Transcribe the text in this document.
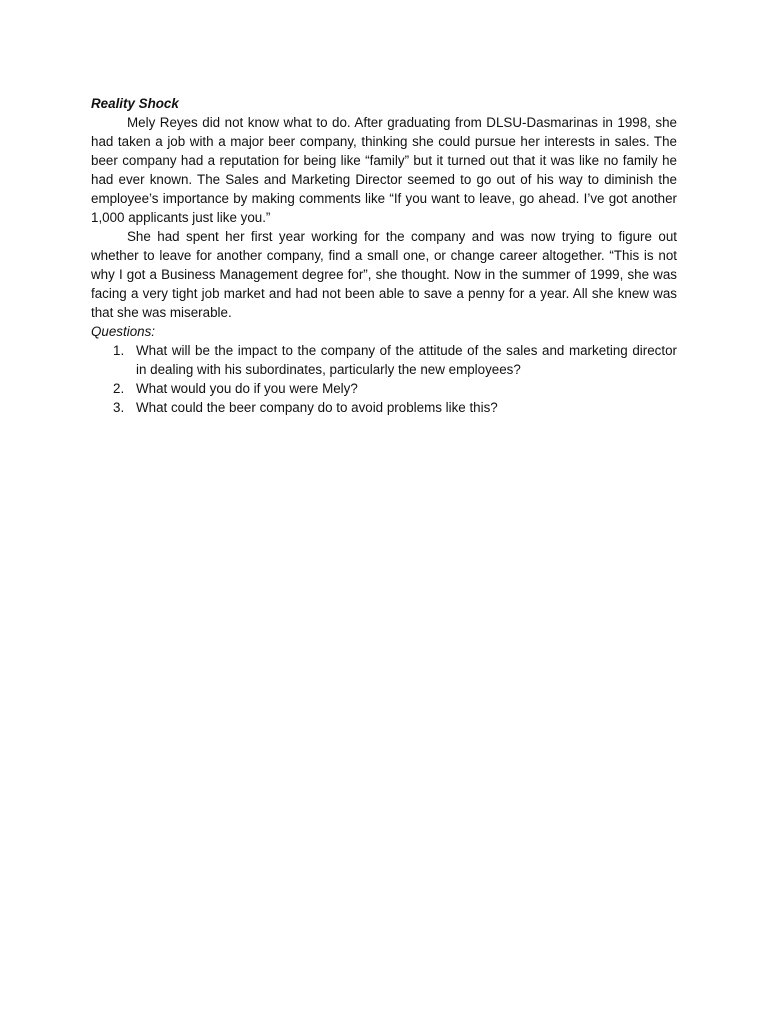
Reality Shock

Mely Reyes did not know what to do. After graduating from DLSU-Dasmarinas in 1998, she had taken a job with a major beer company, thinking she could pursue her interests in sales. The beer company had a reputation for being like “family” but it turned out that it was like no family he had ever known. The Sales and Marketing Director seemed to go out of his way to diminish the employee’s importance by making comments like “If you want to leave, go ahead. I’ve got another 1,000 applicants just like you.”

She had spent her first year working for the company and was now trying to figure out whether to leave for another company, find a small one, or change career altogether. “This is not why I got a Business Management degree for”, she thought. Now in the summer of 1999, she was facing a very tight job market and had not been able to save a penny for a year. All she knew was that she was miserable.

Questions:

1. What will be the impact to the company of the attitude of the sales and marketing director in dealing with his subordinates, particularly the new employees?
2. What would you do if you were Mely?
3. What could the beer company do to avoid problems like this?
